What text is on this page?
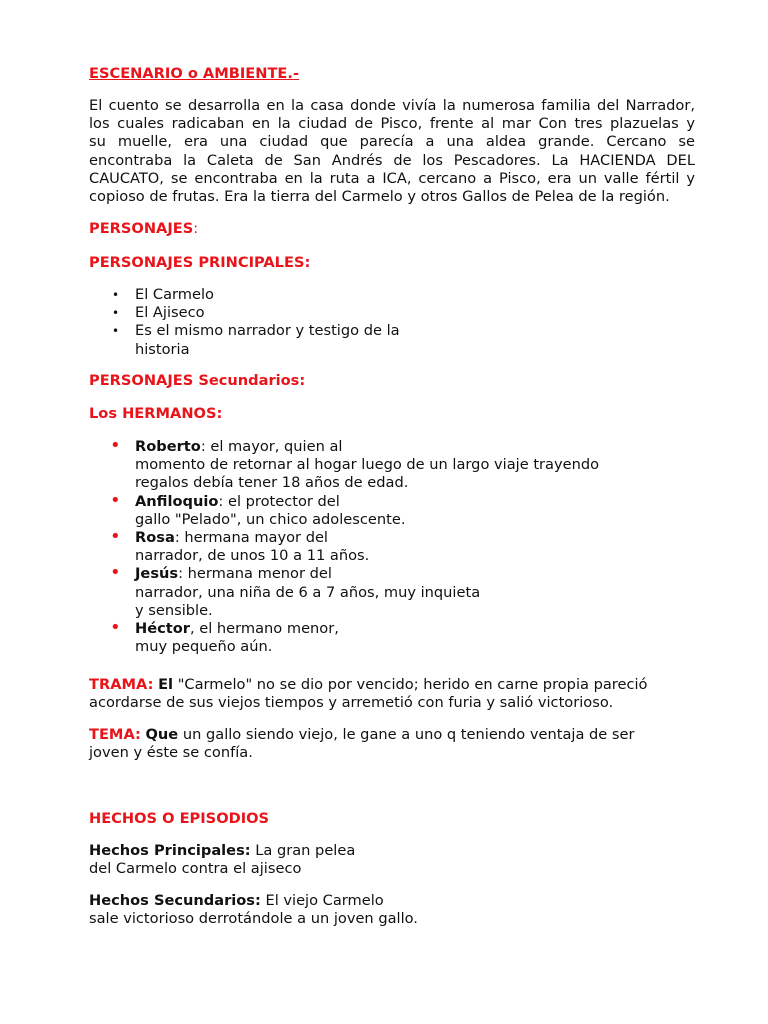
ESCENARIO o AMBIENTE.-
El cuento se desarrolla en la casa donde vivía la numerosa familia del Narrador,
los cuales radicaban en la ciudad de Pisco, frente al mar Con tres plazuelas y
su muelle, era una ciudad que parecía a una aldea grande. Cercano se
encontraba la Caleta de San Andrés de los Pescadores. La HACIENDA DEL
CAUCATO, se encontraba en la ruta a ICA, cercano a Pisco, era un valle fértil y
copioso de frutas. Era la tierra del Carmelo y otros Gallos de Pelea de la región.
PERSONAJES:
PERSONAJES PRINCIPALES:
• El Carmelo
• El Ajiseco
• Es el mismo narrador y testigo de la
historia
PERSONAJES Secundarios:
Los HERMANOS:
• Roberto: el mayor, quien al
momento de retornar al hogar luego de un largo viaje trayendo
regalos debía tener 18 años de edad.
• Anfiloquio: el protector del
gallo "Pelado", un chico adolescente.
• Rosa: hermana mayor del
narrador, de unos 10 a 11 años.
• Jesús: hermana menor del
narrador, una niña de 6 a 7 años, muy inquieta
y sensible.
• Héctor, el hermano menor,
muy pequeño aún.
TRAMA: El "Carmelo" no se dio por vencido; herido en carne propia pareció
acordarse de sus viejos tiempos y arremetió con furia y salió victorioso.
TEMA: Que un gallo siendo viejo, le gane a uno q teniendo ventaja de ser
joven y éste se confía.
HECHOS O EPISODIOS
Hechos Principales: La gran pelea
del Carmelo contra el ajiseco
Hechos Secundarios: El viejo Carmelo
sale victorioso derrotándole a un joven gallo.
